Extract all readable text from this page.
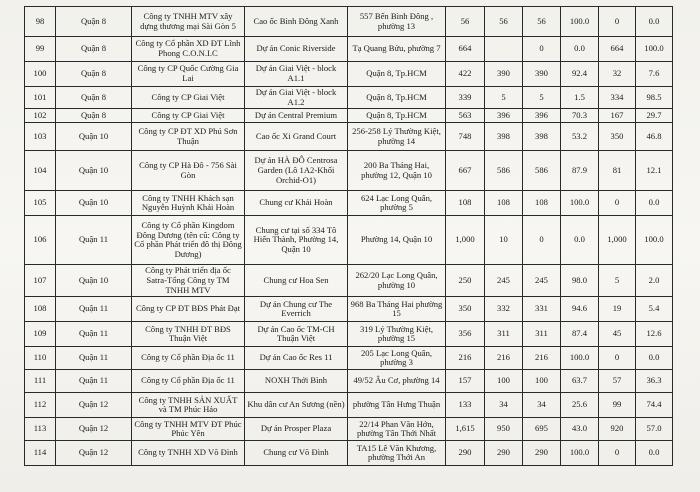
98	Quận 8	Công ty TNHH MTV xây dựng thương mại Sài Gòn 5	Cao ốc Bình Đông Xanh	557 Bến Bình Đông , phường 13	56	56	56	100.0	0	0.0
99	Quận 8	Công ty Cổ phần XD ĐT Lĩnh Phong C.O.N.I.C	Dự án Conic Riverside	Tạ Quang Bửu, phường 7	664		0	0.0	664	100.0
100	Quận 8	Công ty CP Quốc Cường Gia Lai	Dự án Giai Việt - block A1.1	Quận 8, Tp.HCM	422	390	390	92.4	32	7.6
101	Quận 8	Công ty CP Giai Việt	Dự án Giai Việt - block A1.2	Quận 8, Tp.HCM	339	5	5	1.5	334	98.5
102	Quận 8	Công ty CP Giai Việt	Dự án Central Premium	Quận 8, Tp.HCM	563	396	396	70.3	167	29.7
103	Quận 10	Công ty CP ĐT XD Phú Sơn Thuận	Cao ốc Xi Grand Court	256-258 Lý Thường Kiệt, phường 14	748	398	398	53.2	350	46.8
104	Quận 10	Công ty CP Hà Đô - 756 Sài Gòn	Dự án HÀ ĐÔ Centrosa Garden (Lô 1A2-Khối Orchid-O1)	200 Ba Tháng Hai, phường 12, Quận 10	667	586	586	87.9	81	12.1
105	Quận 10	Công ty TNHH Khách sạn Nguyễn Huỳnh Khải Hoàn	Chung cư Khải Hoàn	624 Lạc Long Quân, phường 5	108	108	108	100.0	0	0.0
106	Quận 11	Công ty Cổ phần Kingdom Đông Dương (tên cũ: Công ty Cổ phần Phát triển đô thị Đông Dương)	Chung cư tại số 334 Tô Hiến Thành, Phường 14, Quận 10	Phường 14, Quận 10	1,000	10	0	0.0	1,000	100.0
107	Quận 10	Công ty Phát triển địa ốc Satra-Tổng Công ty TM TNHH MTV	Chung cư Hoa Sen	262/20 Lạc Long Quân, phường 10	250	245	245	98.0	5	2.0
108	Quận 11	Công ty CP ĐT BĐS Phát Đạt	Dự án Chung cư The Everrich	968 Ba Tháng Hai phường 15	350	332	331	94.6	19	5.4
109	Quận 11	Công ty TNHH ĐT BĐS Thuận Việt	Dự án Cao ốc TM-CH Thuận Việt	319 Lý Thường Kiệt, phường 15	356	311	311	87.4	45	12.6
110	Quận 11	Công ty Cổ phần Địa ốc 11	Dự án Cao ốc Res 11	205 Lạc Long Quân, phường 3	216	216	216	100.0	0	0.0
111	Quận 11	Công ty Cổ phần Địa ốc 11	NOXH Thới Bình	49/52 Âu Cơ, phường 14	157	100	100	63.7	57	36.3
112	Quận 12	Công ty TNHH SẢN XUẤT và TM Phúc Hảo	Khu dân cư An Sương (nền)	phường Tân Hưng Thuận	133	34	34	25.6	99	74.4
113	Quận 12	Công ty TNHH MTV ĐT Phúc Phúc Yên	Dự án Prosper Plaza	22/14 Phan Văn Hớn, phường Tân Thới Nhất	1,615	950	695	43.0	920	57.0
114	Quận 12	Công ty TNHH XD Võ Đình	Chung cư Võ Đình	TA15 Lê Văn Khương, phường Thới An	290	290	290	100.0	0	0.0
